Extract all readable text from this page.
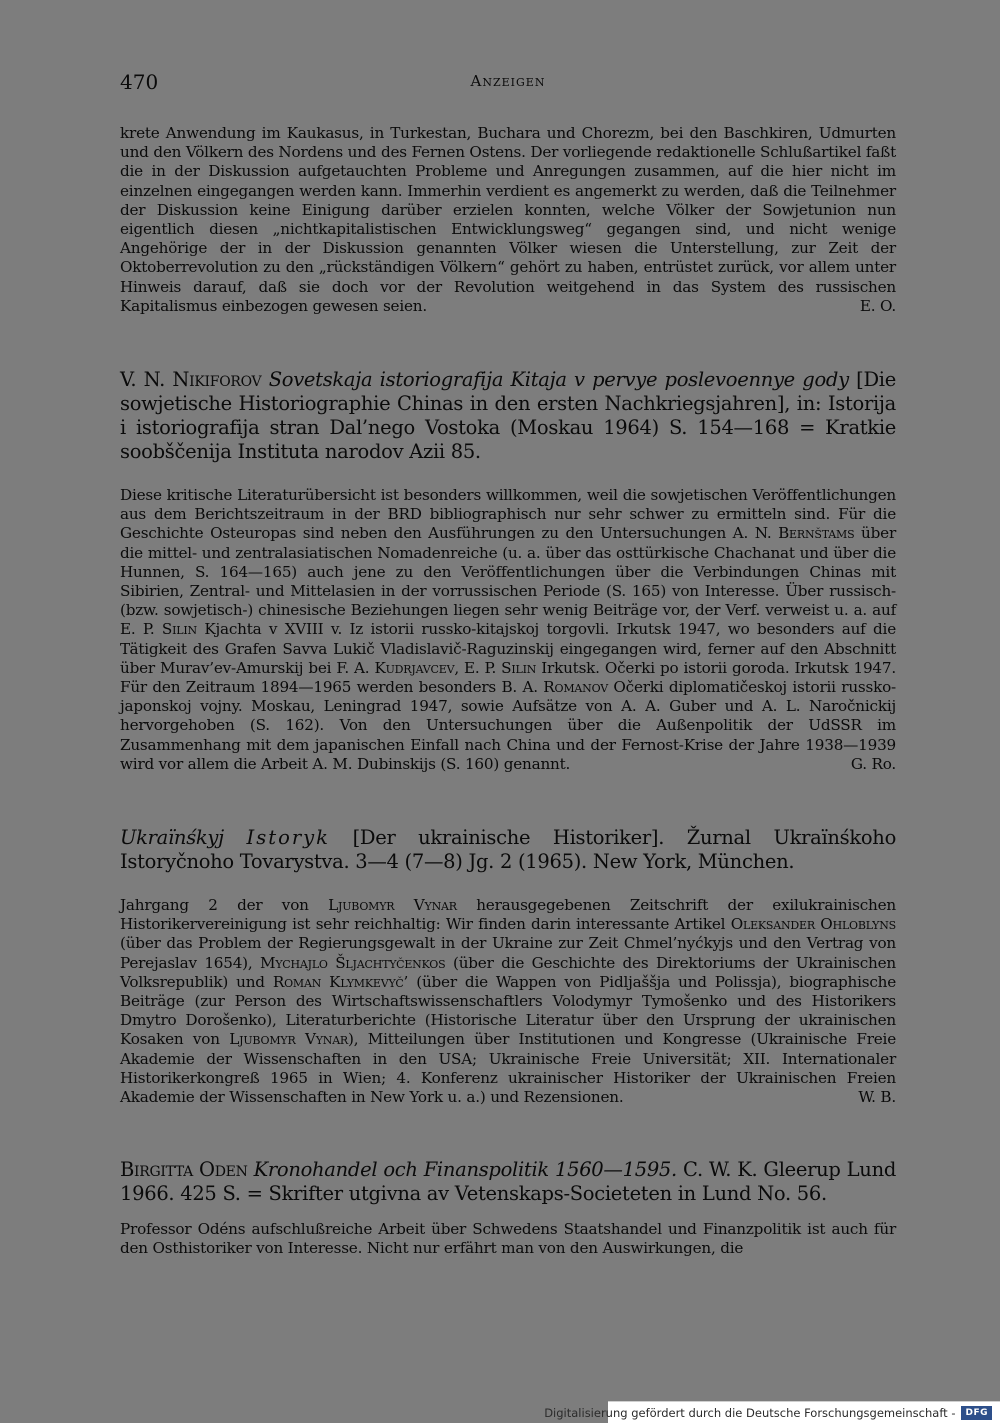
470	Anzeigen

krete Anwendung im Kaukasus, in Turkestan, Buchara und Chorezm, bei den Baschkiren, Udmurten und den Völkern des Nordens und des Fernen Ostens. Der vorliegende redaktionelle Schlußartikel faßt die in der Diskussion aufgetauchten Probleme und Anregungen zusammen, auf die hier nicht im einzelnen eingegangen werden kann. Immerhin verdient es angemerkt zu werden, daß die Teilnehmer der Diskussion keine Einigung darüber erzielen konnten, welche Völker der Sowjetunion nun eigentlich diesen „nichtkapitalistischen Entwicklungsweg“ gegangen sind, und nicht wenige Angehörige der in der Diskussion genannten Völker wiesen die Unterstellung, zur Zeit der Oktoberrevolution zu den „rückständigen Völkern“ gehört zu haben, entrüstet zurück, vor allem unter Hinweis darauf, daß sie doch vor der Revolution weitgehend in das System des russischen Kapitalismus einbezogen gewesen seien.	E. O.

V. N. Nikiforov Sovetskaja istoriografija Kitaja v pervye poslevoennye gody [Die sowjetische Historiographie Chinas in den ersten Nachkriegsjahren], in: Istorija i istoriografija stran Dal’nego Vostoka (Moskau 1964) S. 154—168 = Kratkie soobščenija Instituta narodov Azii 85.

Diese kritische Literaturübersicht ist besonders willkommen, weil die sowjetischen Veröffentlichungen aus dem Berichtszeitraum in der BRD bibliographisch nur sehr schwer zu ermitteln sind. Für die Geschichte Osteuropas sind neben den Ausführungen zu den Untersuchungen A. N. Bernštams über die mittel- und zentralasiatischen Nomadenreiche (u. a. über das osttürkische Chachanat und über die Hunnen, S. 164—165) auch jene zu den Veröffentlichungen über die Verbindungen Chinas mit Sibirien, Zentral- und Mittelasien in der vorrussischen Periode (S. 165) von Interesse. Über russisch- (bzw. sowjetisch-) chinesische Beziehungen liegen sehr wenig Beiträge vor, der Verf. verweist u. a. auf E. P. Silin Kjachta v XVIII v. Iz istorii russko-kitajskoj torgovli. Irkutsk 1947, wo besonders auf die Tätigkeit des Grafen Savva Lukič Vladislavič-Raguzinskij eingegangen wird, ferner auf den Abschnitt über Murav’ev-Amurskij bei F. A. Kudrjavcev, E. P. Silin Irkutsk. Očerki po istorii goroda. Irkutsk 1947. Für den Zeitraum 1894—1965 werden besonders B. A. Romanov Očerki diplomatičeskoj istorii russko-japonskoj vojny. Moskau, Leningrad 1947, sowie Aufsätze von A. A. Guber und A. L. Naročnickij hervorgehoben (S. 162). Von den Untersuchungen über die Außenpolitik der UdSSR im Zusammenhang mit dem japanischen Einfall nach China und der Fernost-Krise der Jahre 1938—1939 wird vor allem die Arbeit A. M. Dubinskijs (S. 160) genannt.	G. Ro.

Ukraïnśkyj Istoryk [Der ukrainische Historiker]. Žurnal Ukraïnśkoho Istoryčnoho Tovarystva. 3—4 (7—8) Jg. 2 (1965). New York, München.

Jahrgang 2 der von Ljubomyr Vynar herausgegebenen Zeitschrift der exilukrainischen Historikervereinigung ist sehr reichhaltig: Wir finden darin interessante Artikel Oleksander Ohloblyns (über das Problem der Regierungsgewalt in der Ukraine zur Zeit Chmel’nyćkyjs und den Vertrag von Perejaslav 1654), Mychajlo Šljachtyčenkos (über die Geschichte des Direktoriums der Ukrainischen Volksrepublik) und Roman Klymkevyč’ (über die Wappen von Pidljaššja und Polissja), biographische Beiträge (zur Person des Wirtschaftswissenschaftlers Volodymyr Tymošenko und des Historikers Dmytro Dorošenko), Literaturberichte (Historische Literatur über den Ursprung der ukrainischen Kosaken von Ljubomyr Vynar), Mitteilungen über Institutionen und Kongresse (Ukrainische Freie Akademie der Wissenschaften in den USA; Ukrainische Freie Universität; XII. Internationaler Historikerkongreß 1965 in Wien; 4. Konferenz ukrainischer Historiker der Ukrainischen Freien Akademie der Wissenschaften in New York u. a.) und Rezensionen.	W. B.

Birgitta Oden Kronohandel och Finanspolitik 1560—1595. C. W. K. Gleerup Lund 1966. 425 S. = Skrifter utgivna av Vetenskaps-Societeten in Lund No. 56.

Professor Odéns aufschlußreiche Arbeit über Schwedens Staatshandel und Finanzpolitik ist auch für den Osthistoriker von Interesse. Nicht nur erfährt man von den Auswirkungen, die

Digitalisierung gefördert durch die Deutsche Forschungsgemeinschaft -	DFG
